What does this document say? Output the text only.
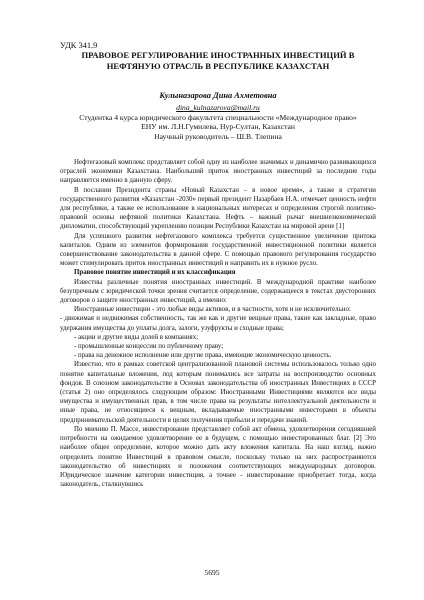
УДК 341.9
ПРАВОВОЕ РЕГУЛИРОВАНИЕ ИНОСТРАННЫХ ИНВЕСТИЦИЙ В
НЕФТЯНУЮ ОТРАСЛЬ В РЕСПУБЛИКЕ КАЗАХСТАН
Кулыназарова Дина Ахметовна
dina_kulnazarova@mail.ru
Студентка 4 курса юридического факультета специальности «Международное право»
ЕНУ им. Л.Н.Гумилева, Нур-Султан, Казахстан
Научный руководитель – Ш.В. Тлепина

Нефтегазовый комплекс представляет собой одну из наиболее значимых и динамично развивающихся отраслей экономики Казахстана. Наибольший приток иностранных инвестиций за последние годы направляется именно в данную сферу.

В послании Президента страны «Новый Казахстан – в новое время», а также в стратегии государственного развития «Казахстан -2030» первый президент Назарбаев Н.А. отмечает ценность нефти для республики, а также ее использование в национальных интересах и определения строгой политико-правовой основы нефтяной политики Казахстана. Нефть – важный рычаг внешнеэкономической дипломатии, способствующий укреплению позиции Республики Казахстан на мировой арене [1]

Для успешного развития нефтегазового комплекса требуется существенное увеличение притока капиталов. Одним из элементов формирования государственной инвестиционной политики является совершенствование законодательства в данной сфере. С помощью правового регулирования государство может стимулировать приток иностранных инвестиций и направить их в нужное русло.

Правовое понятие инвестиций и их классификация

Известны различные понятия иностранных инвестиций. В международной практике наиболее безупречным с юридической точки зрения считается определение, содержащееся в текстах двусторонних договоров о защите иностранных инвестиций, а именно:

Иностранные инвестиции - это любые виды активов, и в частности, хотя и не исключительно:

- движимая и недвижимая собственность, так же как и другие вещные права, такие как закладные, право удержания имущества до уплаты долга, залоги, узуфрукты и сходные права;

- акции и другие виды долей в компаниях;

- промышленные концессии по публичному праву;

- права на денежное исполнение или другие права, имеющие экономическую ценность.

Известно, что в рамках советской централизованной плановой системы использовалось только одно понятие капитальные вложения, под которым понимались все затраты на воспроизводство основных фондов. В союзном законодательстве в Основах законодательства об иностранных Инвестициях в СССР (статья 2) оно определялось следующим образом: Иностранными Инвестициями являются все виды имущества и имущественных прав, в том числе права на результаты интеллектуальной деятельности и иные права, не относящиеся к вещным, вкладываемые иностранными инвесторами в объекты предпринимательской деятельности в целях получения прибыли и передачи знаний.

По мнению П. Массе, инвестирование представляет собой акт обмена, удовлетворения сегодняшней потребности на ожидаемое удовлетворение ее в будущем, с помощью инвестированных благ. [2] Это наиболее общее определение, которое можно дать акту вложения капитала. На наш взгляд, важно определить понятие Инвестиций в правовом смысле, поскольку только на них распространяются законодательство об инвестициях и положения соответствующих международных договоров. Юридическое значение категории инвестиция, а точнее - инвестирование приобретает тогда, когда законодатель, сталкнувшись

5695
